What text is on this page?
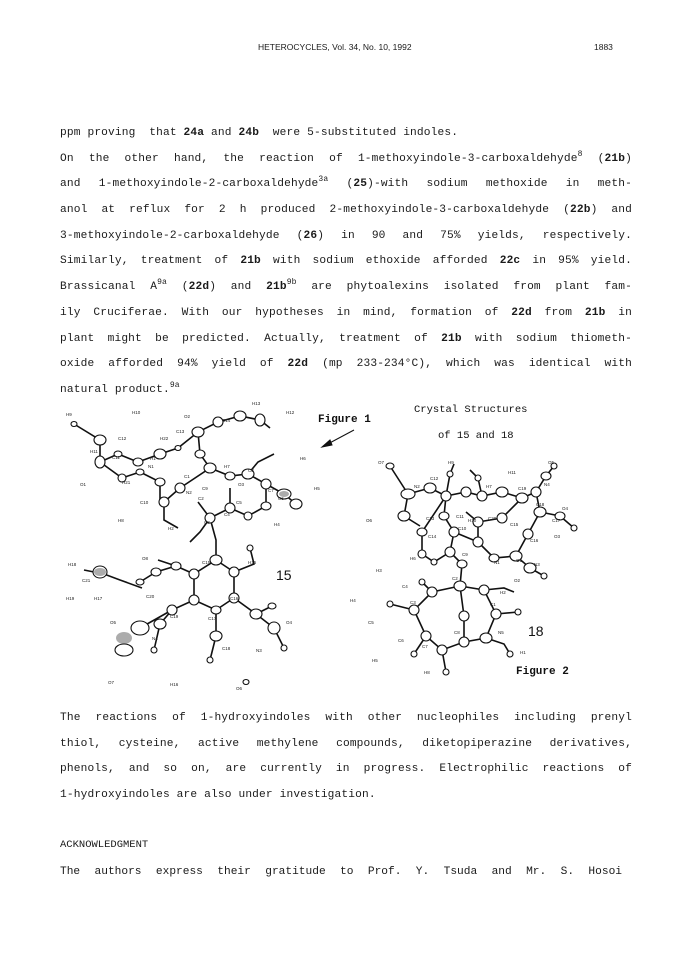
HETEROCYCLES, Vol. 34, No. 10, 1992	1883
ppm proving  that 24a and 24b  were 5-substituted indoles.
On the other hand, the reaction of 1-methoxyindole-3-carboxaldehyde$^8$ (21b)
and 1-methoxyindole-2-carboxaldehyde$^{3a}$ (25)-with sodium methoxide in meth-
anol at reflux for 2 h produced 2-methoxyindole-3-carboxaldehyde (22b) and
3-methoxyindole-2-carboxaldehyde (26) in 90 and 75% yields, respectively.
Similarly, treatment of 21b with sodium ethoxide afforded 22c in 95% yield.
Brassicanal $A^{9a}$ (22d) and $21b^{9b}$ are phytoalexins isolated from plant fam-
ily Cruciferae. With our hypotheses in mind, formation of 22d from 21b in
plant might be predicted. Actually, treatment of 21b with sodium thiometh-
oxide afforded 94% yield of 22d (mp 233-234°C), which was identical with
natural product.$^{9a}$
H9	H10
O2
C14
H13
H12
H11
C12	H22
C13
N1
C11	H1
H21
C1
O3
H7
C8
H6
C10
N2
C2
C9	C7	H5
O1
C3
C5
C6
H8
H2
C4
H4
H18
O8
C15	H15
C21
C20
C19
C16
H19	H17
O5
C17
O4
N4
C18	N3
O7	H16
O6
O7	H9	O5
N2
C12
H7	C19
N4
C13	C11
C18
O6
C15
C14
C10
C20
C16
C17
H10
H6
N1
C9
O3
H3
C2
N3
C4
H2
H4	C3	C1
C5
C8
C6
N5
C7
H1
H5
H8
O2
O1
O4
H11
Figure 1
Crystal Structures
of 15 and 18
15
18
Figure 2
The reactions of 1-hydroxyindoles with other nucleophiles including prenyl
thiol, cysteine, active methylene compounds, diketopiperazine derivatives,
phenols, and so on, are currently in progress. Electrophilic reactions of
1-hydroxyindoles are also under investigation.
ACKNOWLEDGMENT
The authors express their gratitude to Prof. Y. Tsuda and Mr. S. Hosoi
